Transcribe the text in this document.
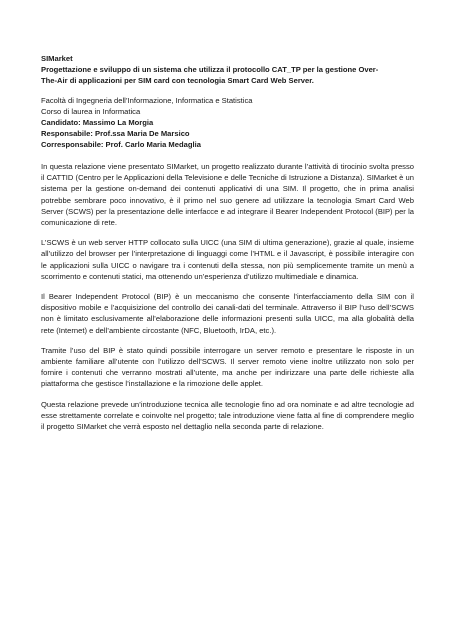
SIMarket

Progettazione e sviluppo di un sistema che utilizza il protocollo CAT_TP per la gestione Over-

The-Air di applicazioni per SIM card con tecnologia Smart Card Web Server.

Facoltà di Ingegneria dell’Informazione, Informatica e Statistica

Corso di laurea in Informatica

Candidato: Massimo La Morgia

Responsabile: Prof.ssa Maria De Marsico

Corresponsabile: Prof. Carlo Maria Medaglia

In questa relazione viene presentato SIMarket, un progetto realizzato durante l’attività di tirocinio svolta presso il CATTID (Centro per le Applicazioni della Televisione e delle Tecniche di Istruzione a Distanza). SIMarket è un sistema per la gestione on-demand dei contenuti applicativi di una SIM. Il progetto, che in prima analisi potrebbe sembrare poco innovativo, è il primo nel suo genere ad utilizzare la tecnologia Smart Card Web Server (SCWS) per la presentazione delle interfacce e ad integrare il Bearer Independent Protocol (BIP) per la comunicazione di rete.

L’SCWS è un web server HTTP collocato sulla UICC (una SIM di ultima generazione), grazie al quale, insieme all’utilizzo del browser per l’interpretazione di linguaggi come l’HTML e il Javascript, è possibile interagire con le applicazioni sulla UICC o navigare tra i contenuti della stessa, non più semplicemente tramite un menù a scorrimento e contenuti statici, ma ottenendo un’esperienza d’utilizzo multimediale e dinamica.

Il Bearer Independent Protocol (BIP) è un meccanismo che consente l’interfacciamento della SIM con il dispositivo mobile e l’acquisizione del controllo dei canali-dati del terminale. Attraverso il BIP l’uso dell’SCWS non è limitato esclusivamente all’elaborazione delle informazioni presenti sulla UICC, ma alla globalità della rete (Internet) e dell’ambiente circostante (NFC, Bluetooth, IrDA, etc.).

Tramite l’uso del BIP è stato quindi possibile interrogare un server remoto e presentare le risposte in un ambiente familiare all’utente con l’utilizzo dell’SCWS. Il server remoto viene inoltre utilizzato non solo per fornire i contenuti che verranno mostrati all’utente, ma anche per indirizzare una parte delle richieste alla piattaforma che gestisce l’installazione e la rimozione delle applet.

Questa relazione prevede un’introduzione tecnica alle tecnologie fino ad ora nominate e ad altre tecnologie ad esse strettamente correlate e coinvolte nel progetto; tale introduzione viene fatta al fine di comprendere meglio il progetto SIMarket che verrà esposto nel dettaglio nella seconda parte di relazione.
